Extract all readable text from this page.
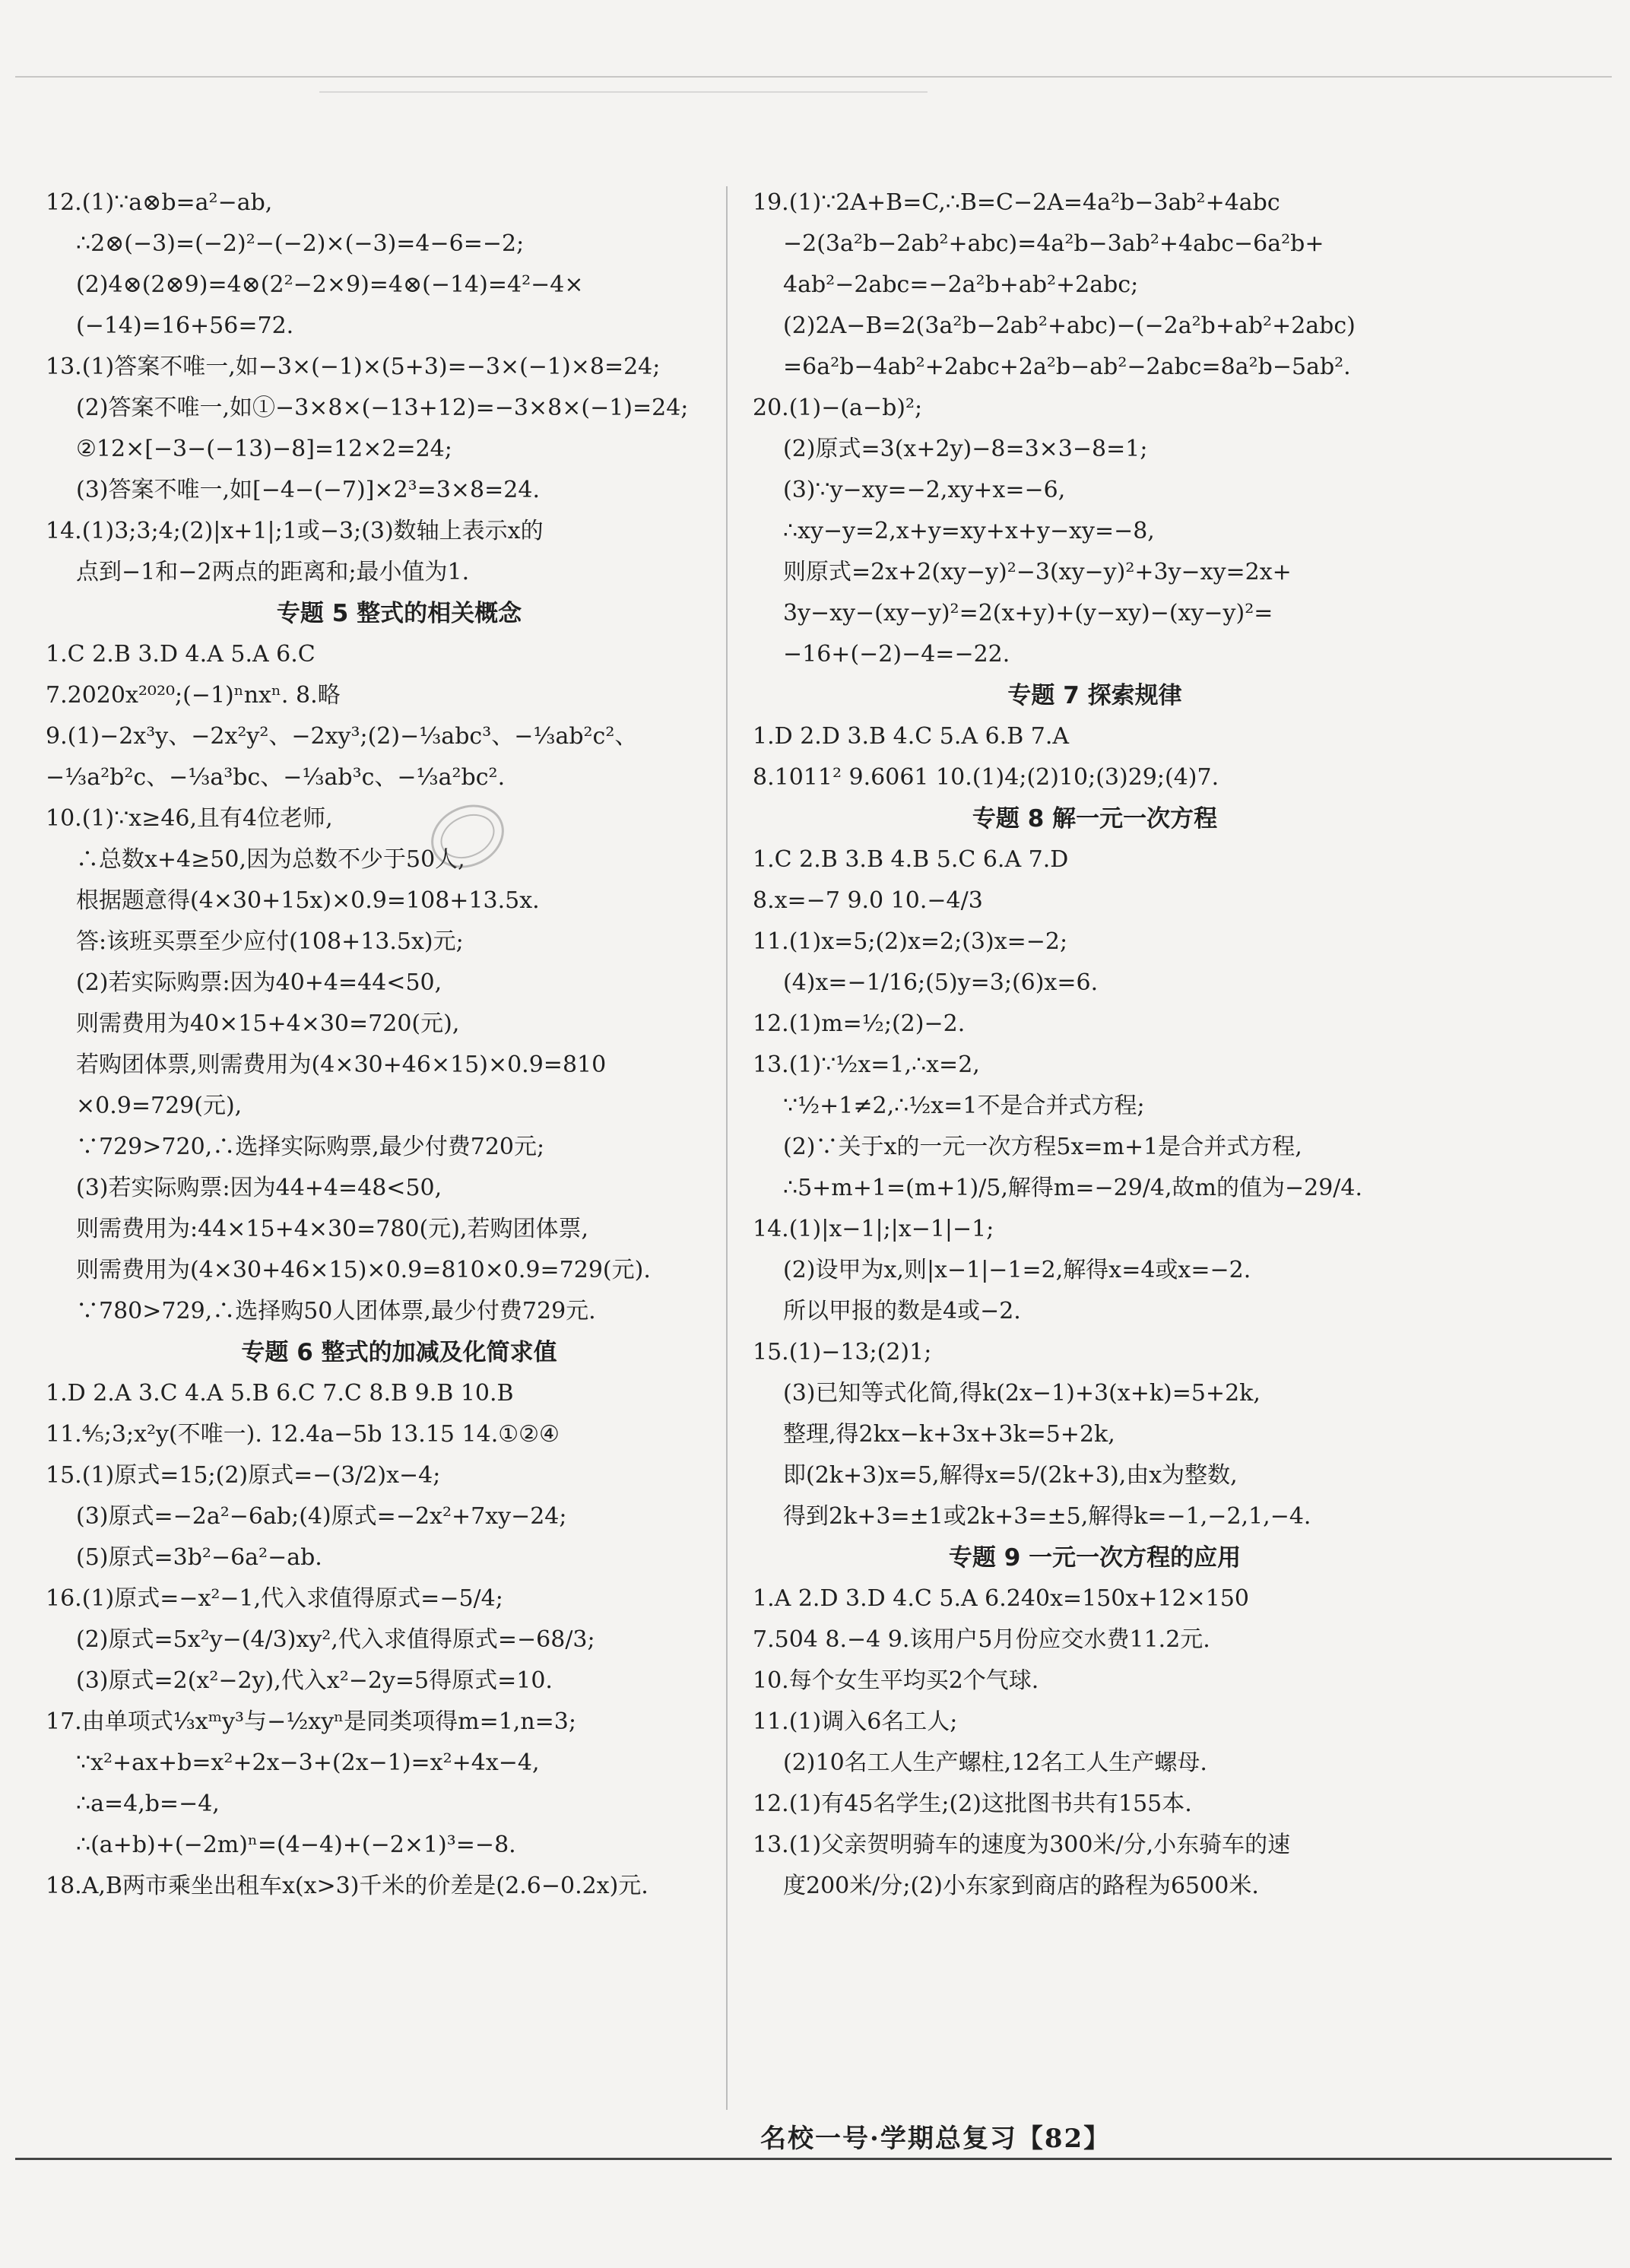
12.(1)∵a⊗b=a²−ab,
∴2⊗(−3)=(−2)²−(−2)×(−3)=4−6=−2;
(2)4⊗(2⊗9)=4⊗(2²−2×9)=4⊗(−14)=4²−4×
(−14)=16+56=72.
13.(1)答案不唯一,如−3×(−1)×(5+3)=−3×(−1)×8=24;
(2)答案不唯一,如①−3×8×(−13+12)=−3×8×(−1)=24;
②12×[−3−(−13)−8]=12×2=24;
(3)答案不唯一,如[−4−(−7)]×2³=3×8=24.
14.(1)3;3;4;(2)|x+1|;1或−3;(3)数轴上表示x的
点到−1和−2两点的距离和;最小值为1.
专题 5 整式的相关概念
1.C 2.B 3.D 4.A 5.A 6.C
7.2020x²⁰²⁰;(−1)ⁿnxⁿ. 8.略
9.(1)−2x³y、−2x²y²、−2xy³;(2)−⅓abc³、−⅓ab²c²、
−⅓a²b²c、−⅓a³bc、−⅓ab³c、−⅓a²bc².
10.(1)∵x≥46,且有4位老师,
∴总数x+4≥50,因为总数不少于50人,
根据题意得(4×30+15x)×0.9=108+13.5x.
答:该班买票至少应付(108+13.5x)元;
(2)若实际购票:因为40+4=44<50,
则需费用为40×15+4×30=720(元),
若购团体票,则需费用为(4×30+46×15)×0.9=810
×0.9=729(元),
∵729>720,∴选择实际购票,最少付费720元;
(3)若实际购票:因为44+4=48<50,
则需费用为:44×15+4×30=780(元),若购团体票,
则需费用为(4×30+46×15)×0.9=810×0.9=729(元).
∵780>729,∴选择购50人团体票,最少付费729元.
专题 6 整式的加减及化简求值
1.D 2.A 3.C 4.A 5.B 6.C 7.C 8.B 9.B 10.B
11.⅘;3;x²y(不唯一). 12.4a−5b 13.15 14.①②④
15.(1)原式=15;(2)原式=−(3/2)x−4;
(3)原式=−2a²−6ab;(4)原式=−2x²+7xy−24;
(5)原式=3b²−6a²−ab.
16.(1)原式=−x²−1,代入求值得原式=−5/4;
(2)原式=5x²y−(4/3)xy²,代入求值得原式=−68/3;
(3)原式=2(x²−2y),代入x²−2y=5得原式=10.
17.由单项式⅓xᵐy³与−½xyⁿ是同类项得m=1,n=3;
∵x²+ax+b=x²+2x−3+(2x−1)=x²+4x−4,
∴a=4,b=−4,
∴(a+b)+(−2m)ⁿ=(4−4)+(−2×1)³=−8.
18.A,B两市乘坐出租车x(x>3)千米的价差是(2.6−0.2x)元.
19.(1)∵2A+B=C,∴B=C−2A=4a²b−3ab²+4abc
−2(3a²b−2ab²+abc)=4a²b−3ab²+4abc−6a²b+
4ab²−2abc=−2a²b+ab²+2abc;
(2)2A−B=2(3a²b−2ab²+abc)−(−2a²b+ab²+2abc)
=6a²b−4ab²+2abc+2a²b−ab²−2abc=8a²b−5ab².
20.(1)−(a−b)²;
(2)原式=3(x+2y)−8=3×3−8=1;
(3)∵y−xy=−2,xy+x=−6,
∴xy−y=2,x+y=xy+x+y−xy=−8,
则原式=2x+2(xy−y)²−3(xy−y)²+3y−xy=2x+
3y−xy−(xy−y)²=2(x+y)+(y−xy)−(xy−y)²=
−16+(−2)−4=−22.
专题 7 探索规律
1.D 2.D 3.B 4.C 5.A 6.B 7.A
8.1011² 9.6061 10.(1)4;(2)10;(3)29;(4)7.
专题 8 解一元一次方程
1.C 2.B 3.B 4.B 5.C 6.A 7.D
8.x=−7 9.0 10.−4/3
11.(1)x=5;(2)x=2;(3)x=−2;
(4)x=−1/16;(5)y=3;(6)x=6.
12.(1)m=½;(2)−2.
13.(1)∵½x=1,∴x=2,
∵½+1≠2,∴½x=1不是合并式方程;
(2)∵关于x的一元一次方程5x=m+1是合并式方程,
∴5+m+1=(m+1)/5,解得m=−29/4,故m的值为−29/4.
14.(1)|x−1|;|x−1|−1;
(2)设甲为x,则|x−1|−1=2,解得x=4或x=−2.
所以甲报的数是4或−2.
15.(1)−13;(2)1;
(3)已知等式化简,得k(2x−1)+3(x+k)=5+2k,
整理,得2kx−k+3x+3k=5+2k,
即(2k+3)x=5,解得x=5/(2k+3),由x为整数,
得到2k+3=±1或2k+3=±5,解得k=−1,−2,1,−4.
专题 9 一元一次方程的应用
1.A 2.D 3.D 4.C 5.A 6.240x=150x+12×150
7.504 8.−4 9.该用户5月份应交水费11.2元.
10.每个女生平均买2个气球.
11.(1)调入6名工人;
(2)10名工人生产螺柱,12名工人生产螺母.
12.(1)有45名学生;(2)这批图书共有155本.
13.(1)父亲贺明骑车的速度为300米/分,小东骑车的速
度200米/分;(2)小东家到商店的路程为6500米.
名校一号·学期总复习【82】
